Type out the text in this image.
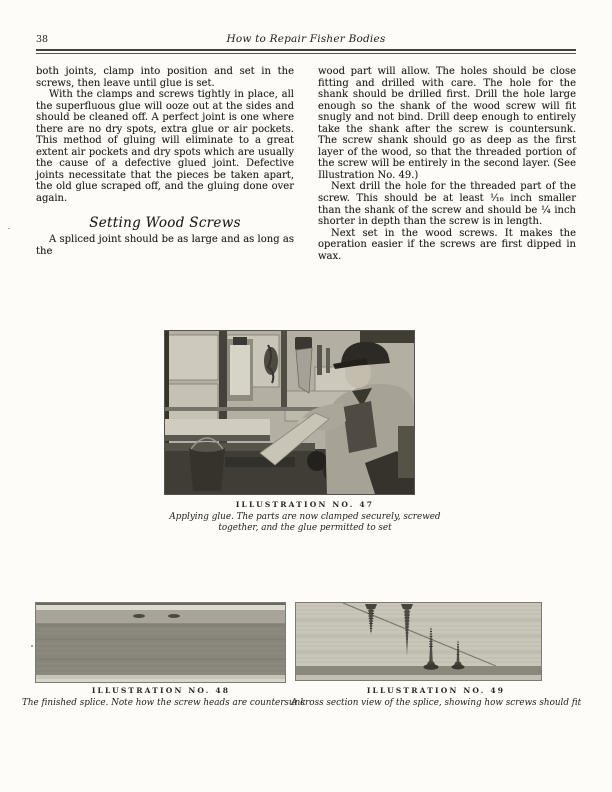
38	How to Repair Fisher Bodies

both joints, clamp into position and set in the screws, then leave until glue is set.

With the clamps and screws tightly in place, all the superfluous glue will ooze out at the sides and should be cleaned off. A perfect joint is one where there are no dry spots, extra glue or air pockets. This method of gluing will eliminate to a great extent air pockets and dry spots which are usually the cause of a defective glued joint. Defective joints necessitate that the pieces be taken apart, the old glue scraped off, and the gluing done over again.

Setting Wood Screws

A spliced joint should be as large and as long as the

wood part will allow. The holes should be close fitting and drilled with care. The hole for the shank should be drilled first. Drill the hole large enough so the shank of the wood screw will fit snugly and not bind. Drill deep enough to entirely take the shank after the screw is countersunk. The screw shank should go as deep as the first layer of the wood, so that the threaded portion of the screw will be entirely in the second layer. (See Illustration No. 49.)

Next drill the hole for the threaded part of the screw. This should be at least ¹⁄₁₆ inch smaller than the shank of the screw and should be ¼ inch shorter in depth than the screw is in length.

Next set in the wood screws. It makes the operation easier if the screws are first dipped in wax.

ILLUSTRATION NO. 47
Applying glue. The parts are now clamped securely, screwed together, and the glue permitted to set
ILLUSTRATION NO. 48
The finished splice. Note how the screw heads are countersunk
ILLUSTRATION NO. 49
A cross section view of the splice, showing how screws should fit
